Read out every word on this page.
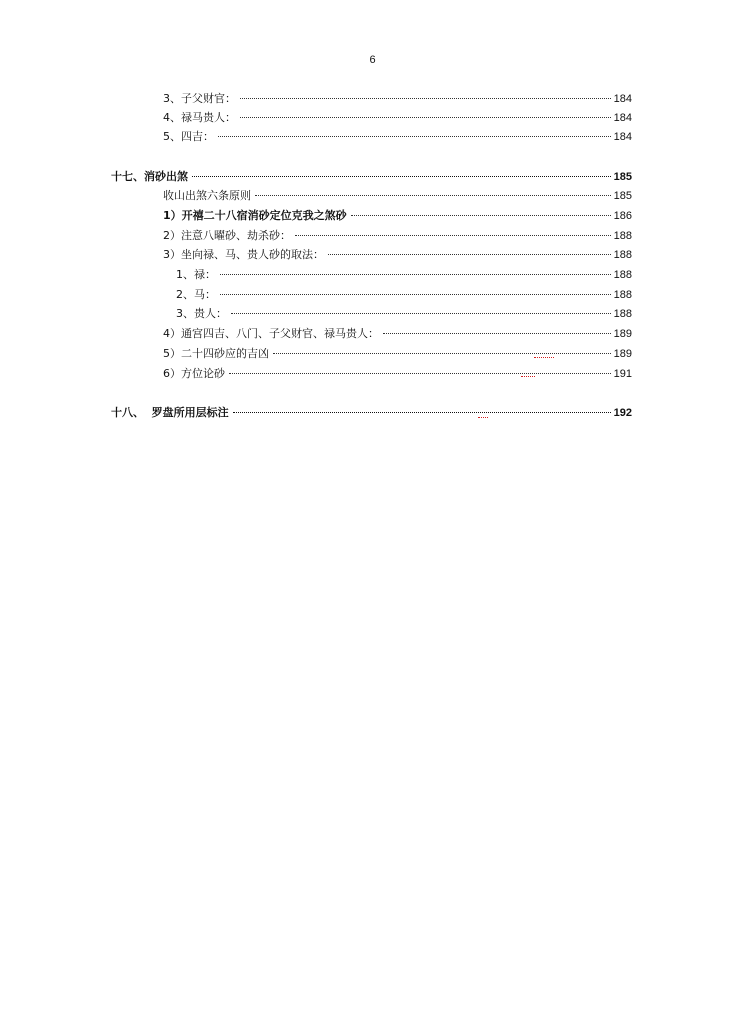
6
3、子父财官：	184
4、禄马贵人：	184
5、四吉：	184
十七、消砂出煞	185
收山出煞六条原则	185
1）开禧二十八宿消砂定位克我之煞砂	186
2）注意八曜砂、劫杀砂：	188
3）坐向禄、马、贵人砂的取法：	188
1、禄：	188
2、马：	188
3、贵人：	188
4）通宫四吉、八门、子父财官、禄马贵人：	189
5）二十四砂应的吉凶	189
6）方位论砂	191
十八、  罗盘所用层标注	192
